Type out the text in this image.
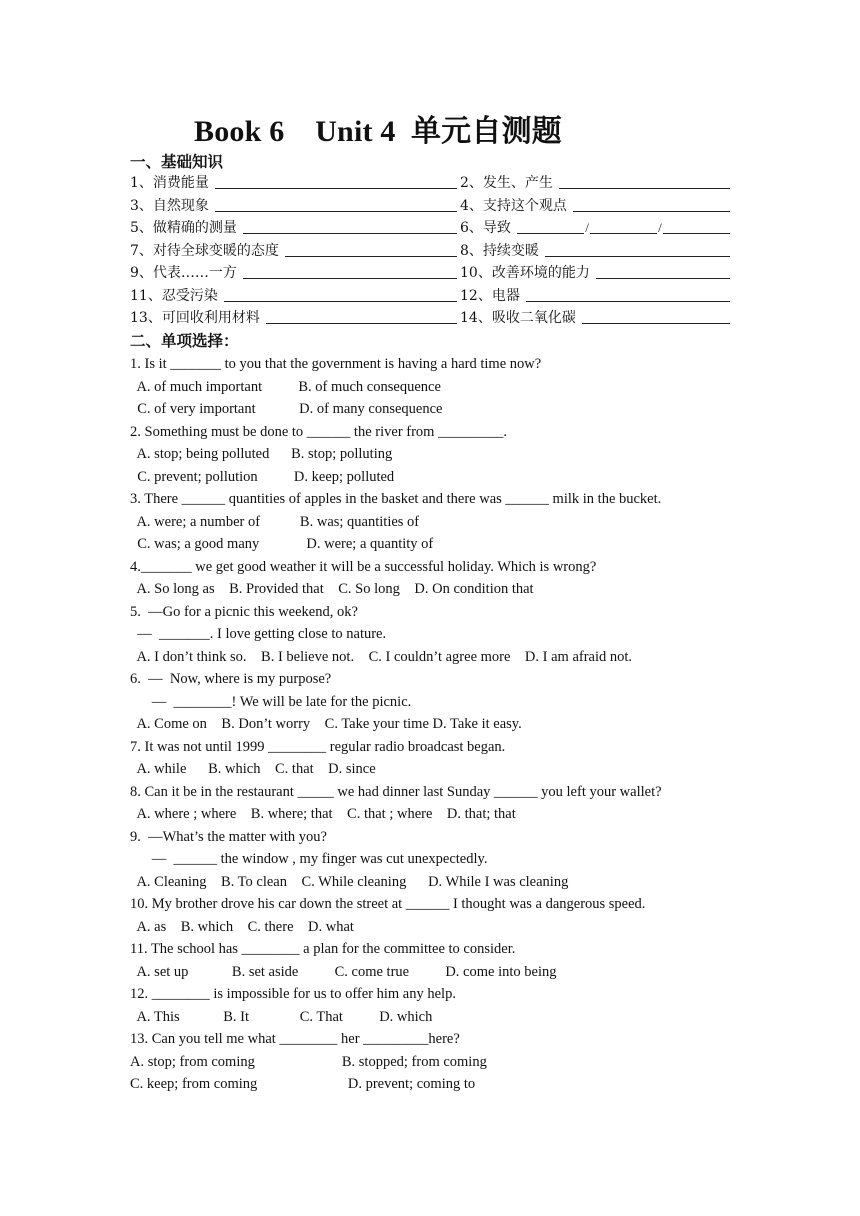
Book 6    Unit 4  单元自测题
一、基础知识
1、消费能量	2、发生、产生
3、自然现象	4、支持这个观点
5、做精确的测量	6、导致	/	/
7、对待全球变暖的态度	8、持续变暖
9、代表……一方	10、改善环境的能力
11、忍受污染	12、电器
13、可回收利用材料	14、吸收二氧化碳
二、单项选择：
1. Is it _______ to you that the government is having a hard time now?
A. of much important          B. of much consequence
C. of very important            D. of many consequence
2. Something must be done to ______ the river from _________.
A. stop; being polluted      B. stop; polluting
C. prevent; pollution          D. keep; polluted
3. There ______ quantities of apples in the basket and there was ______ milk in the bucket.
A. were; a number of           B. was; quantities of
C. was; a good many             D. were; a quantity of
4._______ we get good weather it will be a successful holiday. Which is wrong?
A. So long as    B. Provided that    C. So long    D. On condition that
5.  —Go for a picnic this weekend, ok?
—  _______. I love getting close to nature.
A. I don’t think so.    B. I believe not.    C. I couldn’t agree more    D. I am afraid not.
6.  —  Now, where is my purpose?
—  ________! We will be late for the picnic.
A. Come on    B. Don’t worry    C. Take your time D. Take it easy.
7. It was not until 1999 ________ regular radio broadcast began.
A. while      B. which    C. that    D. since
8. Can it be in the restaurant _____ we had dinner last Sunday ______ you left your wallet?
A. where ; where    B. where; that    C. that ; where    D. that; that
9.  —What’s the matter with you?
—  ______ the window , my finger was cut unexpectedly.
A. Cleaning    B. To clean    C. While cleaning      D. While I was cleaning
10. My brother drove his car down the street at ______ I thought was a dangerous speed.
A. as    B. which    C. there    D. what
11. The school has ________ a plan for the committee to consider.
A. set up            B. set aside          C. come true          D. come into being
12. ________ is impossible for us to offer him any help.
A. This            B. It              C. That          D. which
13. Can you tell me what ________ her _________here?
A. stop; from coming                        B. stopped; from coming
C. keep; from coming                         D. prevent; coming to
